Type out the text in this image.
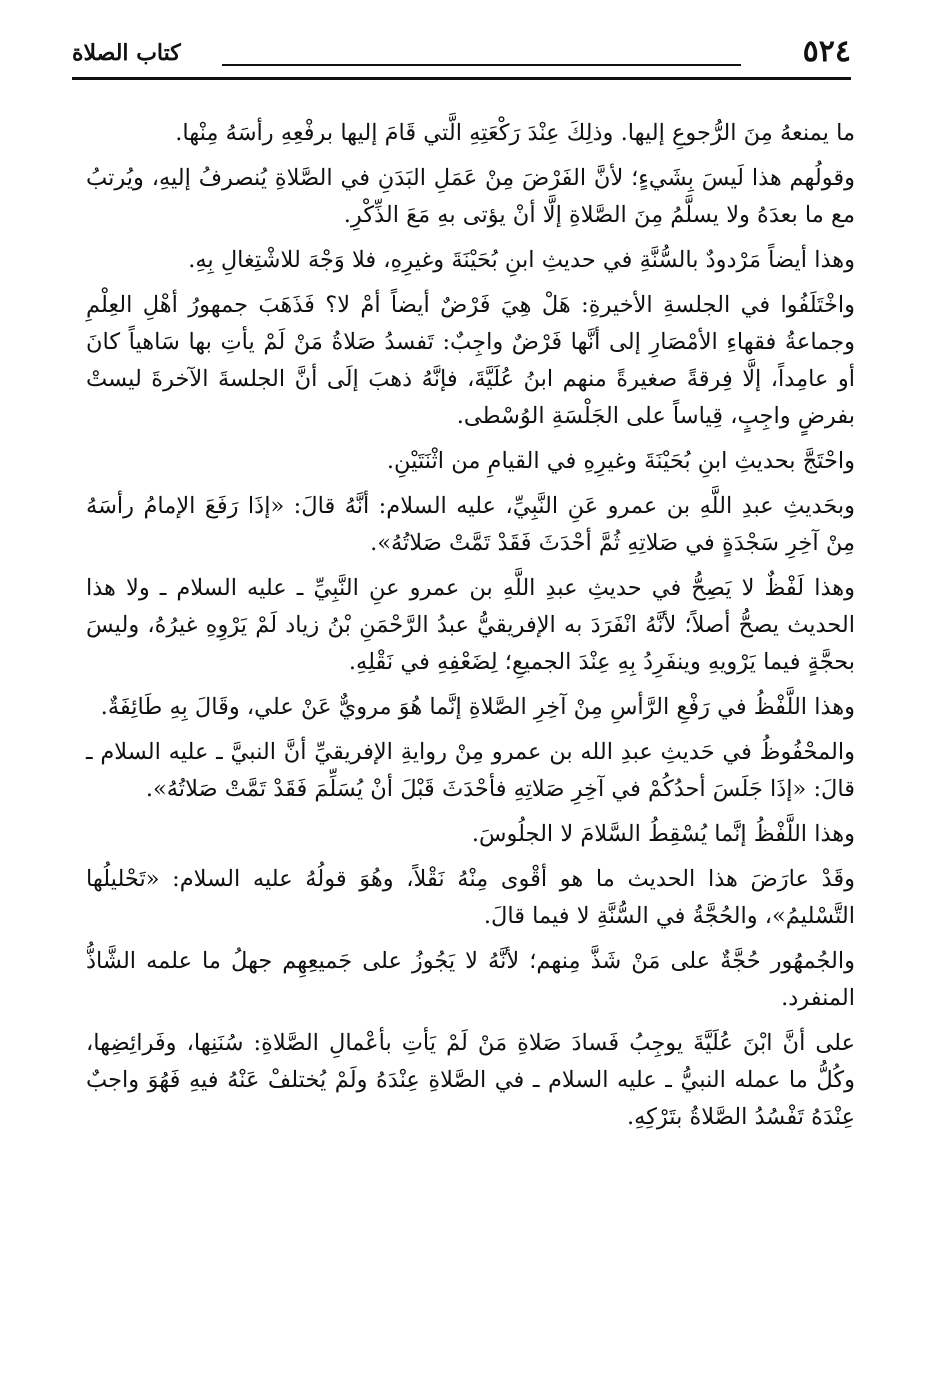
٥٢٤
كتاب الصلاة

ما يمنعهُ مِنَ الرُّجوعِ إليها. وذلِكَ عِنْدَ رَكْعَتِهِ الَّتي قَامَ إليها برفْعِهِ رأسَهُ مِنْها.

وقولُهم هذا لَيسَ بِشَيءٍ؛ لأنَّ الفَرْضَ مِنْ عَمَلِ البَدَنِ في الصَّلاةِ يُنصرفُ إليهِ، ويُرتبُ مع ما بعدَهُ ولا يسلَّمُ مِنَ الصَّلاةِ إلَّا أنْ يؤتى بهِ مَعَ الذِّكْرِ.

وهذا أيضاً مَرْدودٌ بالسُّنَّةِ في حديثِ ابنِ بُحَيْنَةَ وغيرِهِ، فلا وَجْهَ للاشْتِغالِ بِهِ.

واخْتَلَفُوا في الجلسةِ الأخيرةِ: هَلْ هِيَ فَرْضٌ أيضاً أمْ لا؟ فَذَهَبَ جمهورُ أهْلِ العِلْمِ وجماعةُ فقهاءِ الأمْصَارِ إلى أنَّها فَرْضٌ واجِبٌ: تَفسدُ صَلاةُ مَنْ لَمْ يأتِ بها سَاهياً كانَ أو عامِداً، إلَّا فِرقةً صغيرةً منهم ابنُ عُلَيَّةَ، فإنَّهُ ذهبَ إلَى أنَّ الجلسةَ الآخرةَ ليستْ بفرضٍ واجِبٍ، قِياساً على الجَلْسَةِ الوُسْطى.

واحْتَجَّ بحديثِ ابنِ بُحَيْنَةَ وغيرِهِ في القيامِ من اثْنَتَيْنِ.

وبحَديثِ عبدِ اللَّهِ بن عمرو عَنِ النَّبِيِّ، عليه السلام: أنَّهُ قالَ: «إذَا رَفَعَ الإمامُ رأسَهُ مِنْ آخِرِ سَجْدَةٍ في صَلاتِهِ ثُمَّ أحْدَثَ فَقَدْ تَمَّتْ صَلاتُهُ».

وهذا لَفْظٌ لا يَصِحُّ في حديثِ عبدِ اللَّهِ بن عمرو عنِ النَّبِيِّ ـ عليه السلام ـ ولا هذا الحديث يصحُّ أصلاً؛ لأنَّهُ انْفَرَدَ به الإفريقيُّ عبدُ الرَّحْمَنِ بْنُ زياد لَمْ يَرْوِهِ غيرُهُ، وليسَ بحجَّةٍ فيما يَرْويهِ وينفَرِدُ بِهِ عِنْدَ الجميعِ؛ لِضَعْفِهِ في نَقْلِهِ.

وهذا اللَّفْظُ في رَفْعِ الرَّأسِ مِنْ آخِرِ الصَّلاةِ إنَّما هُوَ مرويٌّ عَنْ علي، وقَالَ بِهِ طَائِفَةٌ.

والمحْفُوظُ في حَديثِ عبدِ الله بن عمرو مِنْ روايةِ الإفريقيِّ أنَّ النبيَّ ـ عليه السلام ـ قالَ: «إذَا جَلَسَ أحدُكُمْ في آخِرِ صَلاتِهِ فأحْدَثَ قَبْلَ أنْ يُسَلِّمَ فَقَدْ تَمَّتْ صَلاتُهُ».

وهذا اللَّفْظُ إنَّما يُسْقِطُ السَّلامَ لا الجلُوسَ.

وقَدْ عارَضَ هذا الحديث ما هو أقْوى مِنْهُ نَقْلاً، وهُوَ قولُهُ عليه السلام: «تَحْليلُها التَّسْليمُ»، والحُجَّةُ في السُّنَّةِ لا فيما قالَ.

والجُمهُور حُجَّةٌ على مَنْ شَذَّ مِنهم؛ لأنَّهُ لا يَجُوزُ على جَميعِهِم جهلُ ما علمه الشَّاذُّ المنفرد.

على أنَّ ابْنَ عُلَيَّةَ يوجِبُ فَسادَ صَلاةِ مَنْ لَمْ يَأتِ بأعْمالِ الصَّلاةِ: سُنَنِها، وفَرائِضِها، وكُلُّ ما عمله النبيُّ ـ عليه السلام ـ في الصَّلاةِ عِنْدَهُ ولَمْ يُختلفْ عَنْهُ فيهِ فَهُوَ واجبٌ عِنْدَهُ تَفْسُدُ الصَّلاةُ بتَرْكِهِ.
